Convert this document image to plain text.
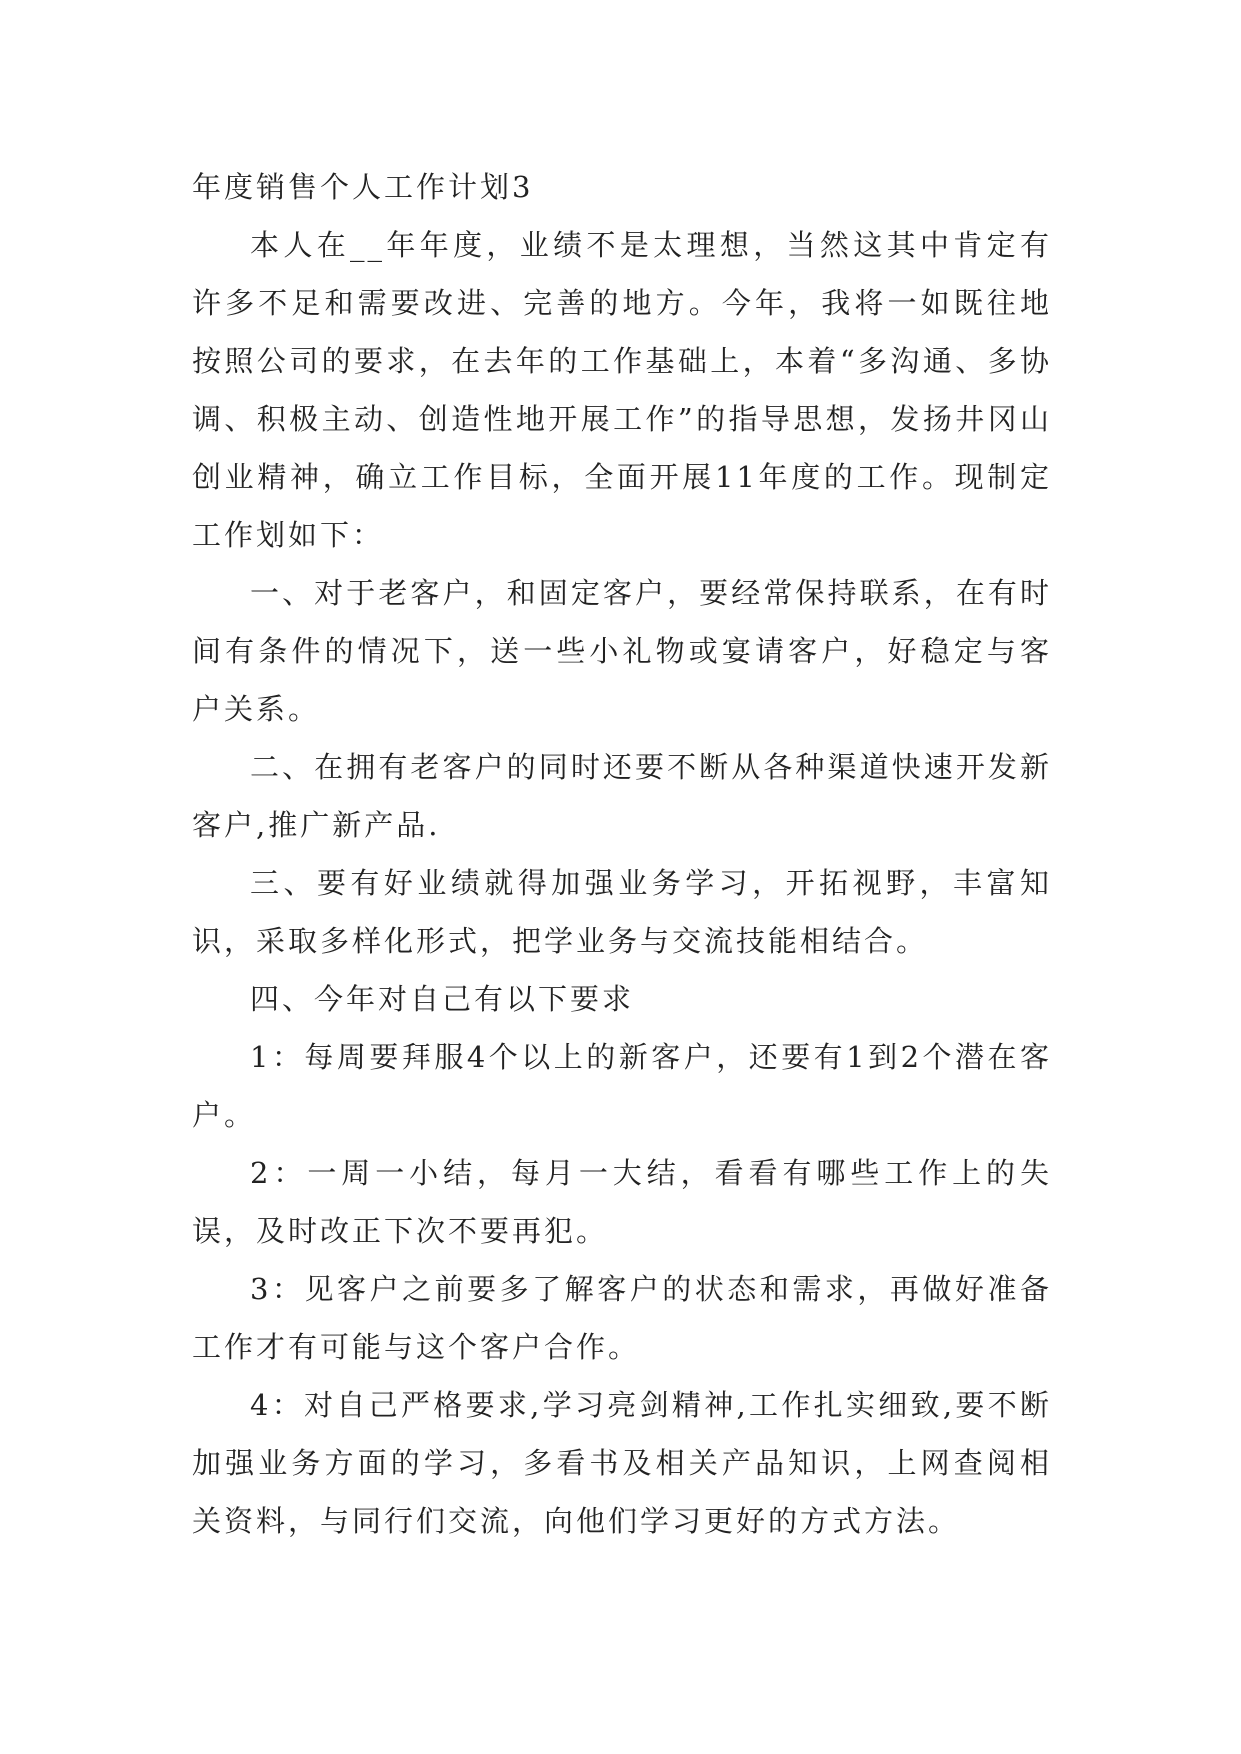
年度销售个人工作计划3

本人在__年年度，业绩不是太理想，当然这其中肯定有许多不足和需要改进、完善的地方。今年，我将一如既往地按照公司的要求，在去年的工作基础上，本着“多沟通、多协调、积极主动、创造性地开展工作”的指导思想，发扬井冈山创业精神，确立工作目标，全面开展11年度的工作。现制定工作划如下：

一、对于老客户，和固定客户，要经常保持联系，在有时间有条件的情况下，送一些小礼物或宴请客户，好稳定与客户关系。

二、在拥有老客户的同时还要不断从各种渠道快速开发新客户,推广新产品.

三、要有好业绩就得加强业务学习，开拓视野，丰富知识，采取多样化形式，把学业务与交流技能相结合。

四、今年对自己有以下要求

1：每周要拜服4个以上的新客户，还要有1到2个潜在客户。

2：一周一小结，每月一大结，看看有哪些工作上的失误，及时改正下次不要再犯。

3：见客户之前要多了解客户的状态和需求，再做好准备工作才有可能与这个客户合作。

4：对自己严格要求,学习亮剑精神,工作扎实细致,要不断加强业务方面的学习，多看书及相关产品知识，上网查阅相关资料，与同行们交流，向他们学习更好的方式方法。
